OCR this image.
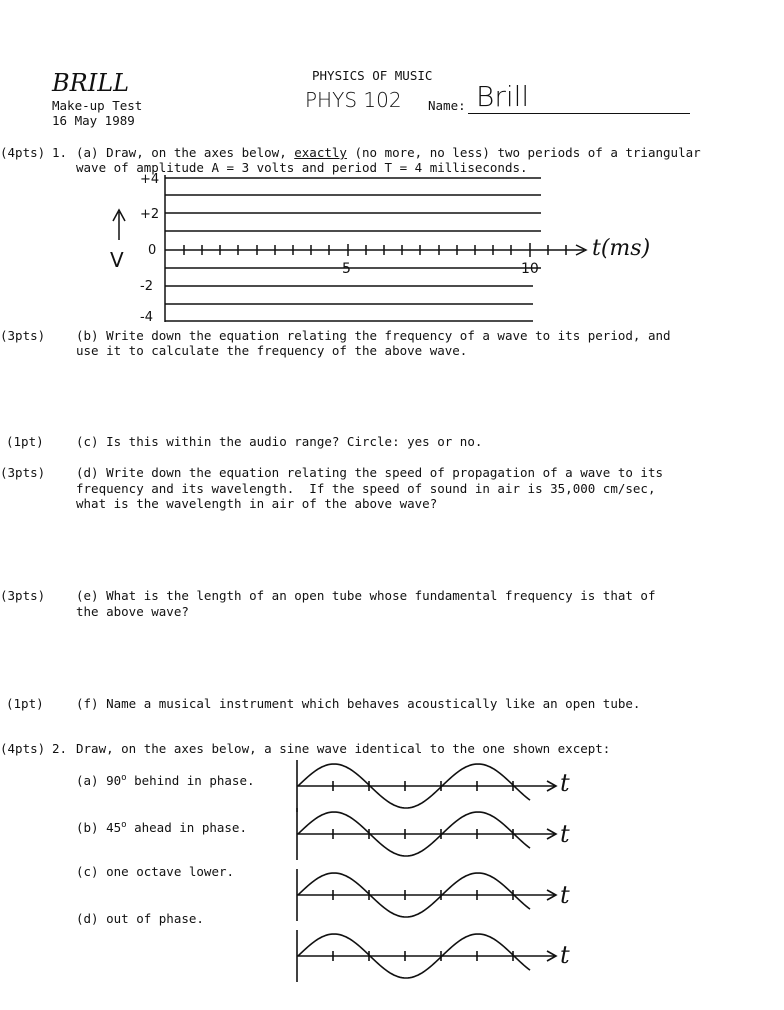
BRILL
Make-up Test
16 May 1989
PHYSICS OF MUSIC
PHYS 102 Name: Brill
(4pts) 1. (a) Draw, on the axes below, exactly (no more, no less) two periods of a triangular
wave of amplitude A = 3 volts and period T = 4 milliseconds.
+4
+2
0
-2
-4
V	5	10
t(ms)
(3pts) (b) Write down the equation relating the frequency of a wave to its period, and
use it to calculate the frequency of the above wave.
(1pt)	(c) Is this within the audio range? Circle: yes or no.
(3pts) (d) Write down the equation relating the speed of propagation of a wave to its
frequency and its wavelength.  If the speed of sound in air is 35,000 cm/sec,
what is the wavelength in air of the above wave?
(3pts) (e) What is the length of an open tube whose fundamental frequency is that of
the above wave?
(1pt)	(f) Name a musical instrument which behaves acoustically like an open tube.
(4pts) 2. Draw, on the axes below, a sine wave identical to the one shown except:
(a) 90$^o$ behind in phase.
(b) 45$^o$ ahead in phase.
(c) one octave lower.
(d) out of phase.
t
t
t
t
